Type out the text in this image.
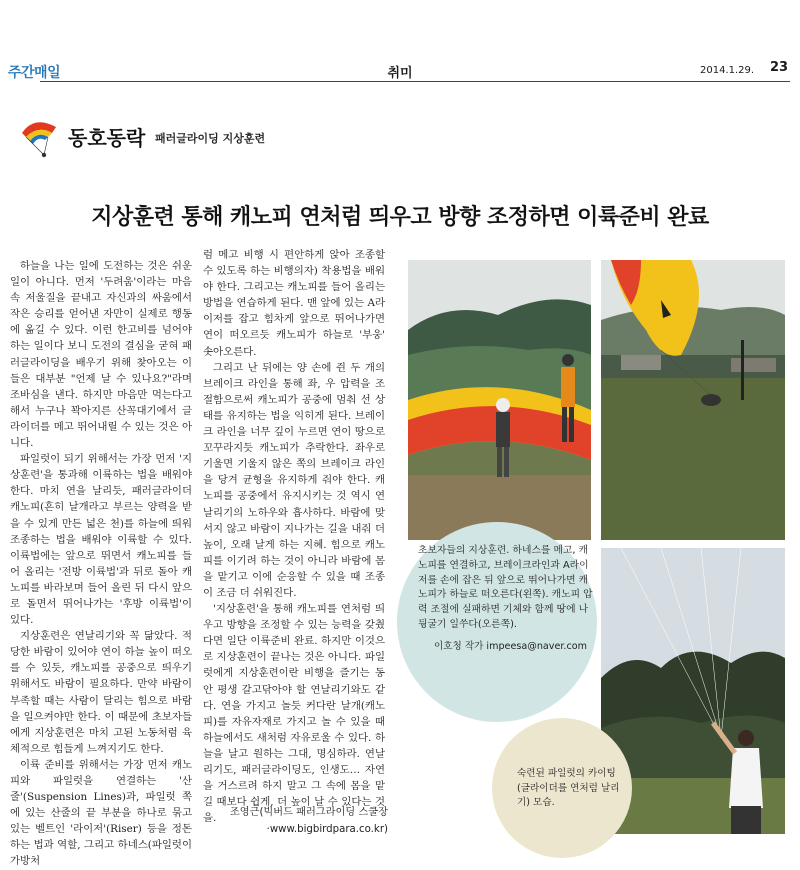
주간매일	취미	2014.1.29. 23
동호동락 패러글라이딩 지상훈련
지상훈련 통해 캐노피 연처럼 띄우고 방향 조정하면 이륙준비 완료

하늘을 나는 일에 도전하는 것은 쉬운 일이 아니다. 먼저 '두려움'이라는 마음속 저울질을 끝내고 자신과의 싸움에서 작은 승리를 얻어낸 자만이 실제로 행동에 옮길 수 있다. 이런 한고비를 넘어야 하는 일이다 보니 도전의 결심을 굳혀 패러글라이딩을 배우기 위해 찾아오는 이들은 대부분 "언제 날 수 있나요?"라며 조바심을 낸다. 하지만 마음만 먹는다고 해서 누구나 꽉아지른 산꼭대기에서 글라이더를 메고 뛰어내릴 수 있는 것은 아니다.

파일럿이 되기 위해서는 가장 먼저 '지상훈련'을 통과해 이륙하는 법을 배워야 한다. 마치 연을 날리듯, 패러글라이더 캐노피(흔히 날개라고 부르는 양력을 받을 수 있게 만든 넓은 천)를 하늘에 띄워 조종하는 법을 배워야 이륙할 수 있다. 이륙법에는 앞으로 뛰면서 캐노피를 들어 올리는 '전방 이륙법'과 뒤로 돌아 캐노피를 바라보며 들어 올린 뒤 다시 앞으로 돌면서 뛰어나가는 '후방 이륙법'이 있다.

지상훈련은 연날리기와 꼭 닮았다. 적당한 바람이 있어야 연이 하늘 높이 떠오를 수 있듯, 캐노피를 공중으로 띄우기 위해서도 바람이 필요하다. 만약 바람이 부족할 때는 사람이 달리는 힘으로 바람을 일으켜야만 한다. 이 때문에 초보자들에게 지상훈련은 마치 고된 노동처럼 육체적으로 힘들게 느껴지기도 한다.

이륙 준비를 위해서는 가장 먼저 캐노피와 파일럿을 연결하는 '산줄'(Suspension Lines)과, 파일럿 쪽에 있는 산줄의 끝 부분을 하나로 묶고 있는 벨트인 '라이저'(Riser) 등을 정돈하는 법과 역할, 그리고 하네스(파일럿이 가방처

럼 메고 비행 시 편안하게 앉아 조종할 수 있도록 하는 비행의자) 착용법을 배워야 한다. 그리고는 캐노피를 들어 올리는 방법을 연습하게 된다. 맨 앞에 있는 A라이저를 잡고 힘차게 앞으로 뛰어나가면 연이 떠오르듯 캐노피가 하늘로 '부웅' 솟아오른다.

그리고 난 뒤에는 양 손에 쥔 두 개의 브레이크 라인을 통해 좌, 우 압력을 조절함으로써 캐노피가 공중에 멈춰 선 상태를 유지하는 법을 익히게 된다. 브레이크 라인을 너무 깊이 누르면 연이 땅으로 꼬꾸라지듯 캐노피가 추락한다. 좌우로 기울면 기울지 않은 쪽의 브레이크 라인을 당겨 균형을 유지하게 줘야 한다. 캐노피를 공중에서 유지시키는 것 역시 연날리기의 노하우와 흡사하다. 바람에 맞서지 않고 바람이 지나가는 길을 내줘 더 높이, 오래 날게 하는 지혜. 힘으로 캐노피를 이기려 하는 것이 아니라 바람에 몸을 맡기고 이에 순응할 수 있을 때 조종이 조금 더 쉬워진다.

'지상훈련'을 통해 캐노피를 연처럼 띄우고 방향을 조정할 수 있는 능력을 갖췄다면 일단 이륙준비 완료. 하지만 이것으로 지상훈련이 끝나는 것은 아니다. 파일럿에게 지상훈련이란 비행을 즐기는 동안 평생 갈고닦아야 할 연날리기와도 같다. 연을 가지고 놀듯 커다란 날개(캐노피)를 자유자재로 가지고 놀 수 있을 때 하늘에서도 새처럼 자유로울 수 있다. 하늘을 날고 원하는 그대, 명심하라. 연날리기도, 패러글라이딩도, 인생도… 자연을 거스르려 하지 말고 그 속에 몸을 맡길 때보다 쉽게, 더 높이 날 수 있다는 것을.	조영근(빅버드 패러그라이딩 스쿨장
·www.bigbirdpara.co.kr)
초보자들의 지상훈련. 하네스를 메고, 캐노피를 연결하고, 브레이크라인과 A라이저를 손에 잡은 뒤 앞으로 뛰어나가면 캐노피가 하늘로 떠오른다(왼쪽). 캐노피 압력 조절에 실패하면 기체와 함께 땅에 나뒹굴기 일쑤다(오른쪽).
이호청 작가 impeesa@naver.com
숙련된 파일럿의 카이팅(글라이더를 연처럼 날리기) 모습.
